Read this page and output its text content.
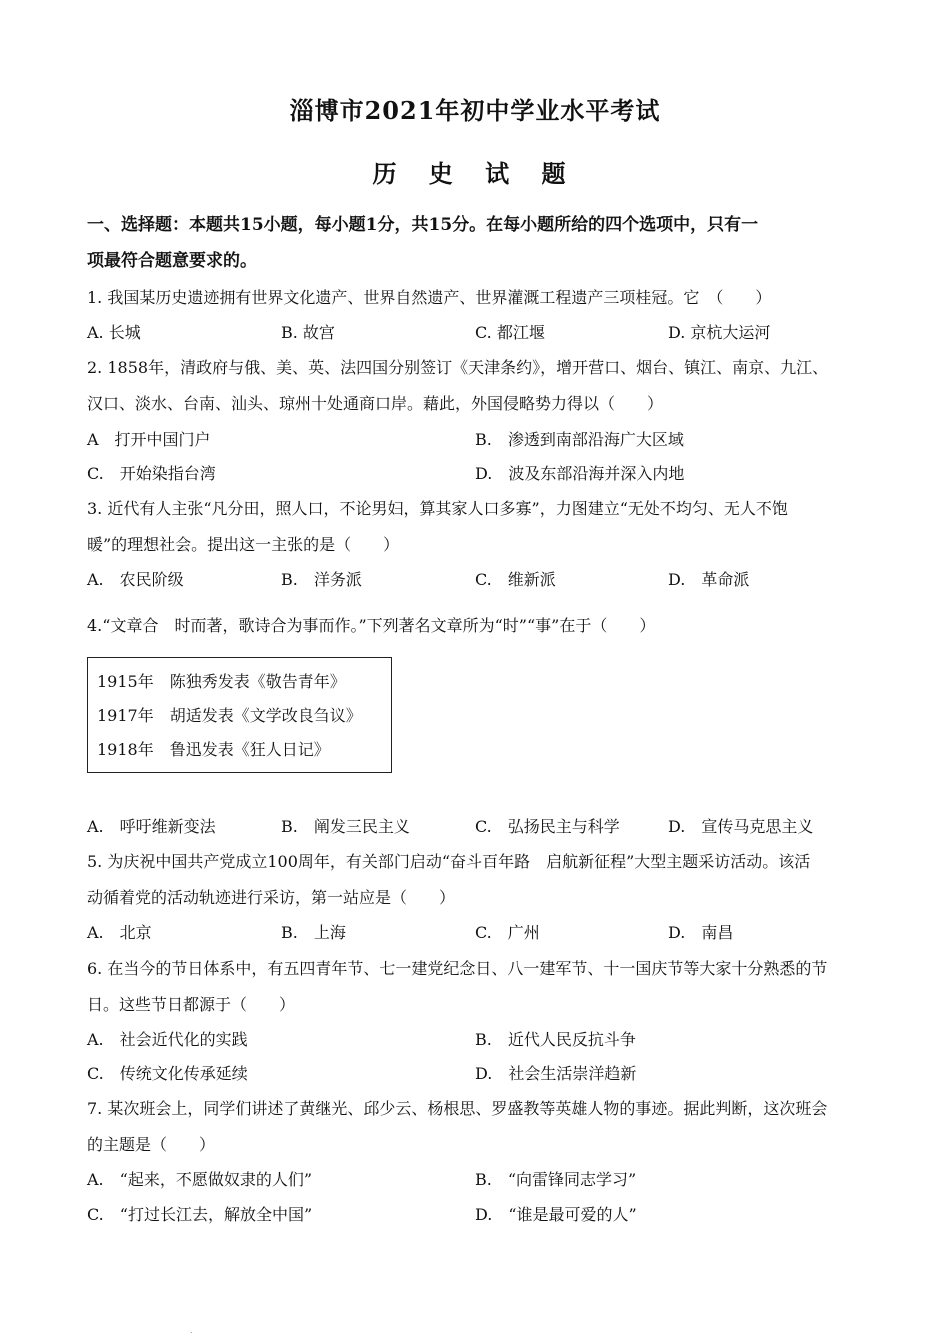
淄博市2021年初中学业水平考试
历 史 试 题
一、选择题：本题共15小题，每小题1分，共15分。在每小题所给的四个选项中，只有一
项最符合题意要求的。
1. 我国某历史遗迹拥有世界文化遗产、世界自然遗产、世界灌溉工程遗产三项桂冠。它　（　　）
A. 长城	B. 故宫	C. 都江堰	D. 京杭大运河
2. 1858年，清政府与俄、美、英、法四国分别签订《天津条约》，增开营口、烟台、镇江、南京、九江、
汉口、淡水、台南、汕头、琼州十处通商口岸。藉此，外国侵略势力得以（　　）
A　打开中国门户	B.　渗透到南部沿海广大区域
C.　开始染指台湾	D.　波及东部沿海并深入内地
3. 近代有人主张“凡分田，照人口，不论男妇，算其家人口多寡”，力图建立“无处不均匀、无人不饱
暖”的理想社会。提出这一主张的是（　　）
A.　农民阶级	B.　洋务派	C.　维新派	D.　革命派
4.“文章合　时而著，歌诗合为事而作。”下列著名文章所为“时”“事”在于（　　）
1915年　陈独秀发表《敬告青年》
1917年　胡适发表《文学改良刍议》
1918年　鲁迅发表《狂人日记》
A.　呼吁维新变法	B.　阐发三民主义	C.　弘扬民主与科学	D.　宣传马克思主义
5. 为庆祝中国共产党成立100周年，有关部门启动“奋斗百年路　启航新征程”大型主题采访活动。该活
动循着党的活动轨迹进行采访，第一站应是（　　）
A.　北京	B.　上海	C.　广州	D.　南昌
6. 在当今的节日体系中，有五四青年节、七一建党纪念日、八一建军节、十一国庆节等大家十分熟悉的节
日。这些节日都源于（　　）
A.　社会近代化的实践	B.　近代人民反抗斗争
C.　传统文化传承延续	D.　社会生活崇洋趋新
7. 某次班会上，同学们讲述了黄继光、邱少云、杨根思、罗盛教等英雄人物的事迹。据此判断，这次班会
的主题是（　　）
A.　“起来，不愿做奴隶的人们”	B.　“向雷锋同志学习”
C.　“打过长江去，解放全中国”	D.　“谁是最可爱的人”
.
